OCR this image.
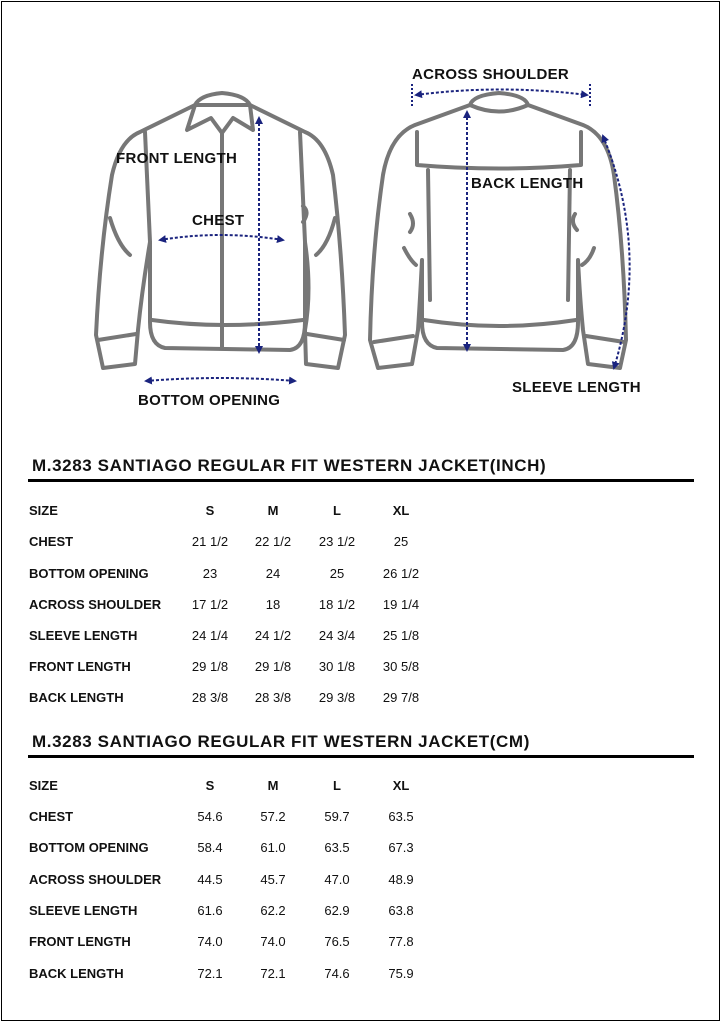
FRONT LENGTH
CHEST
BOTTOM OPENING
ACROSS SHOULDER
BACK LENGTH
SLEEVE LENGTH
M.3283 SANTIAGO REGULAR FIT WESTERN JACKET(INCH)
SIZE	S	M	L	XL
CHEST	21 1/2	22 1/2	23 1/2	25
BOTTOM OPENING	23	24	25	26 1/2
ACROSS SHOULDER	17 1/2	18	18 1/2	19 1/4
SLEEVE LENGTH	24 1/4	24 1/2	24 3/4	25 1/8
FRONT LENGTH	29 1/8	29 1/8	30 1/8	30 5/8
BACK LENGTH	28 3/8	28 3/8	29 3/8	29 7/8
M.3283 SANTIAGO REGULAR FIT WESTERN JACKET(CM)
SIZE	S	M	L	XL
CHEST	54.6	57.2	59.7	63.5
BOTTOM OPENING	58.4	61.0	63.5	67.3
ACROSS SHOULDER	44.5	45.7	47.0	48.9
SLEEVE LENGTH	61.6	62.2	62.9	63.8
FRONT LENGTH	74.0	74.0	76.5	77.8
BACK LENGTH	72.1	72.1	74.6	75.9
